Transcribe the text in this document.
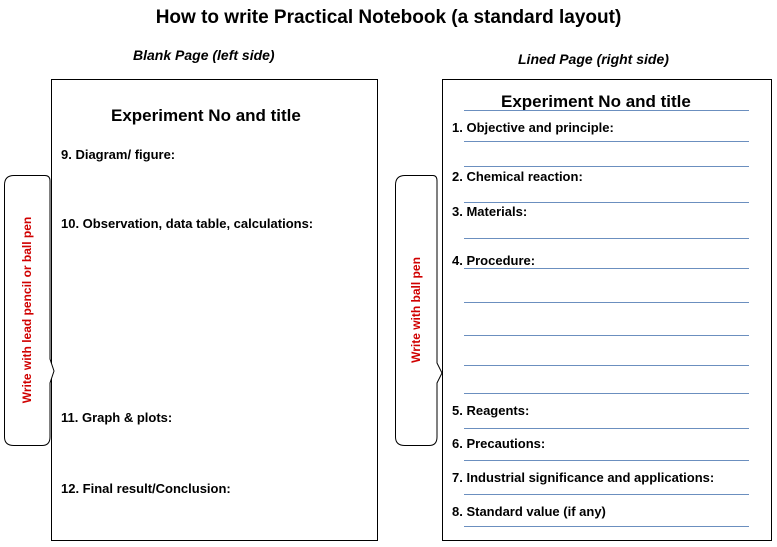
How to write Practical Notebook (a standard layout)
Blank Page (left side)	Lined Page (right side)
Experiment No and title
9. Diagram/ figure:
10. Observation, data table, calculations:
11. Graph & plots:
12. Final result/Conclusion:
Write with lead pencil or ball pen
Experiment No and title
1. Objective and principle:
2. Chemical reaction:
3. Materials:
4. Procedure:
5. Reagents:
6. Precautions:
7. Industrial significance and applications:
8. Standard value (if any)
Write with ball pen
